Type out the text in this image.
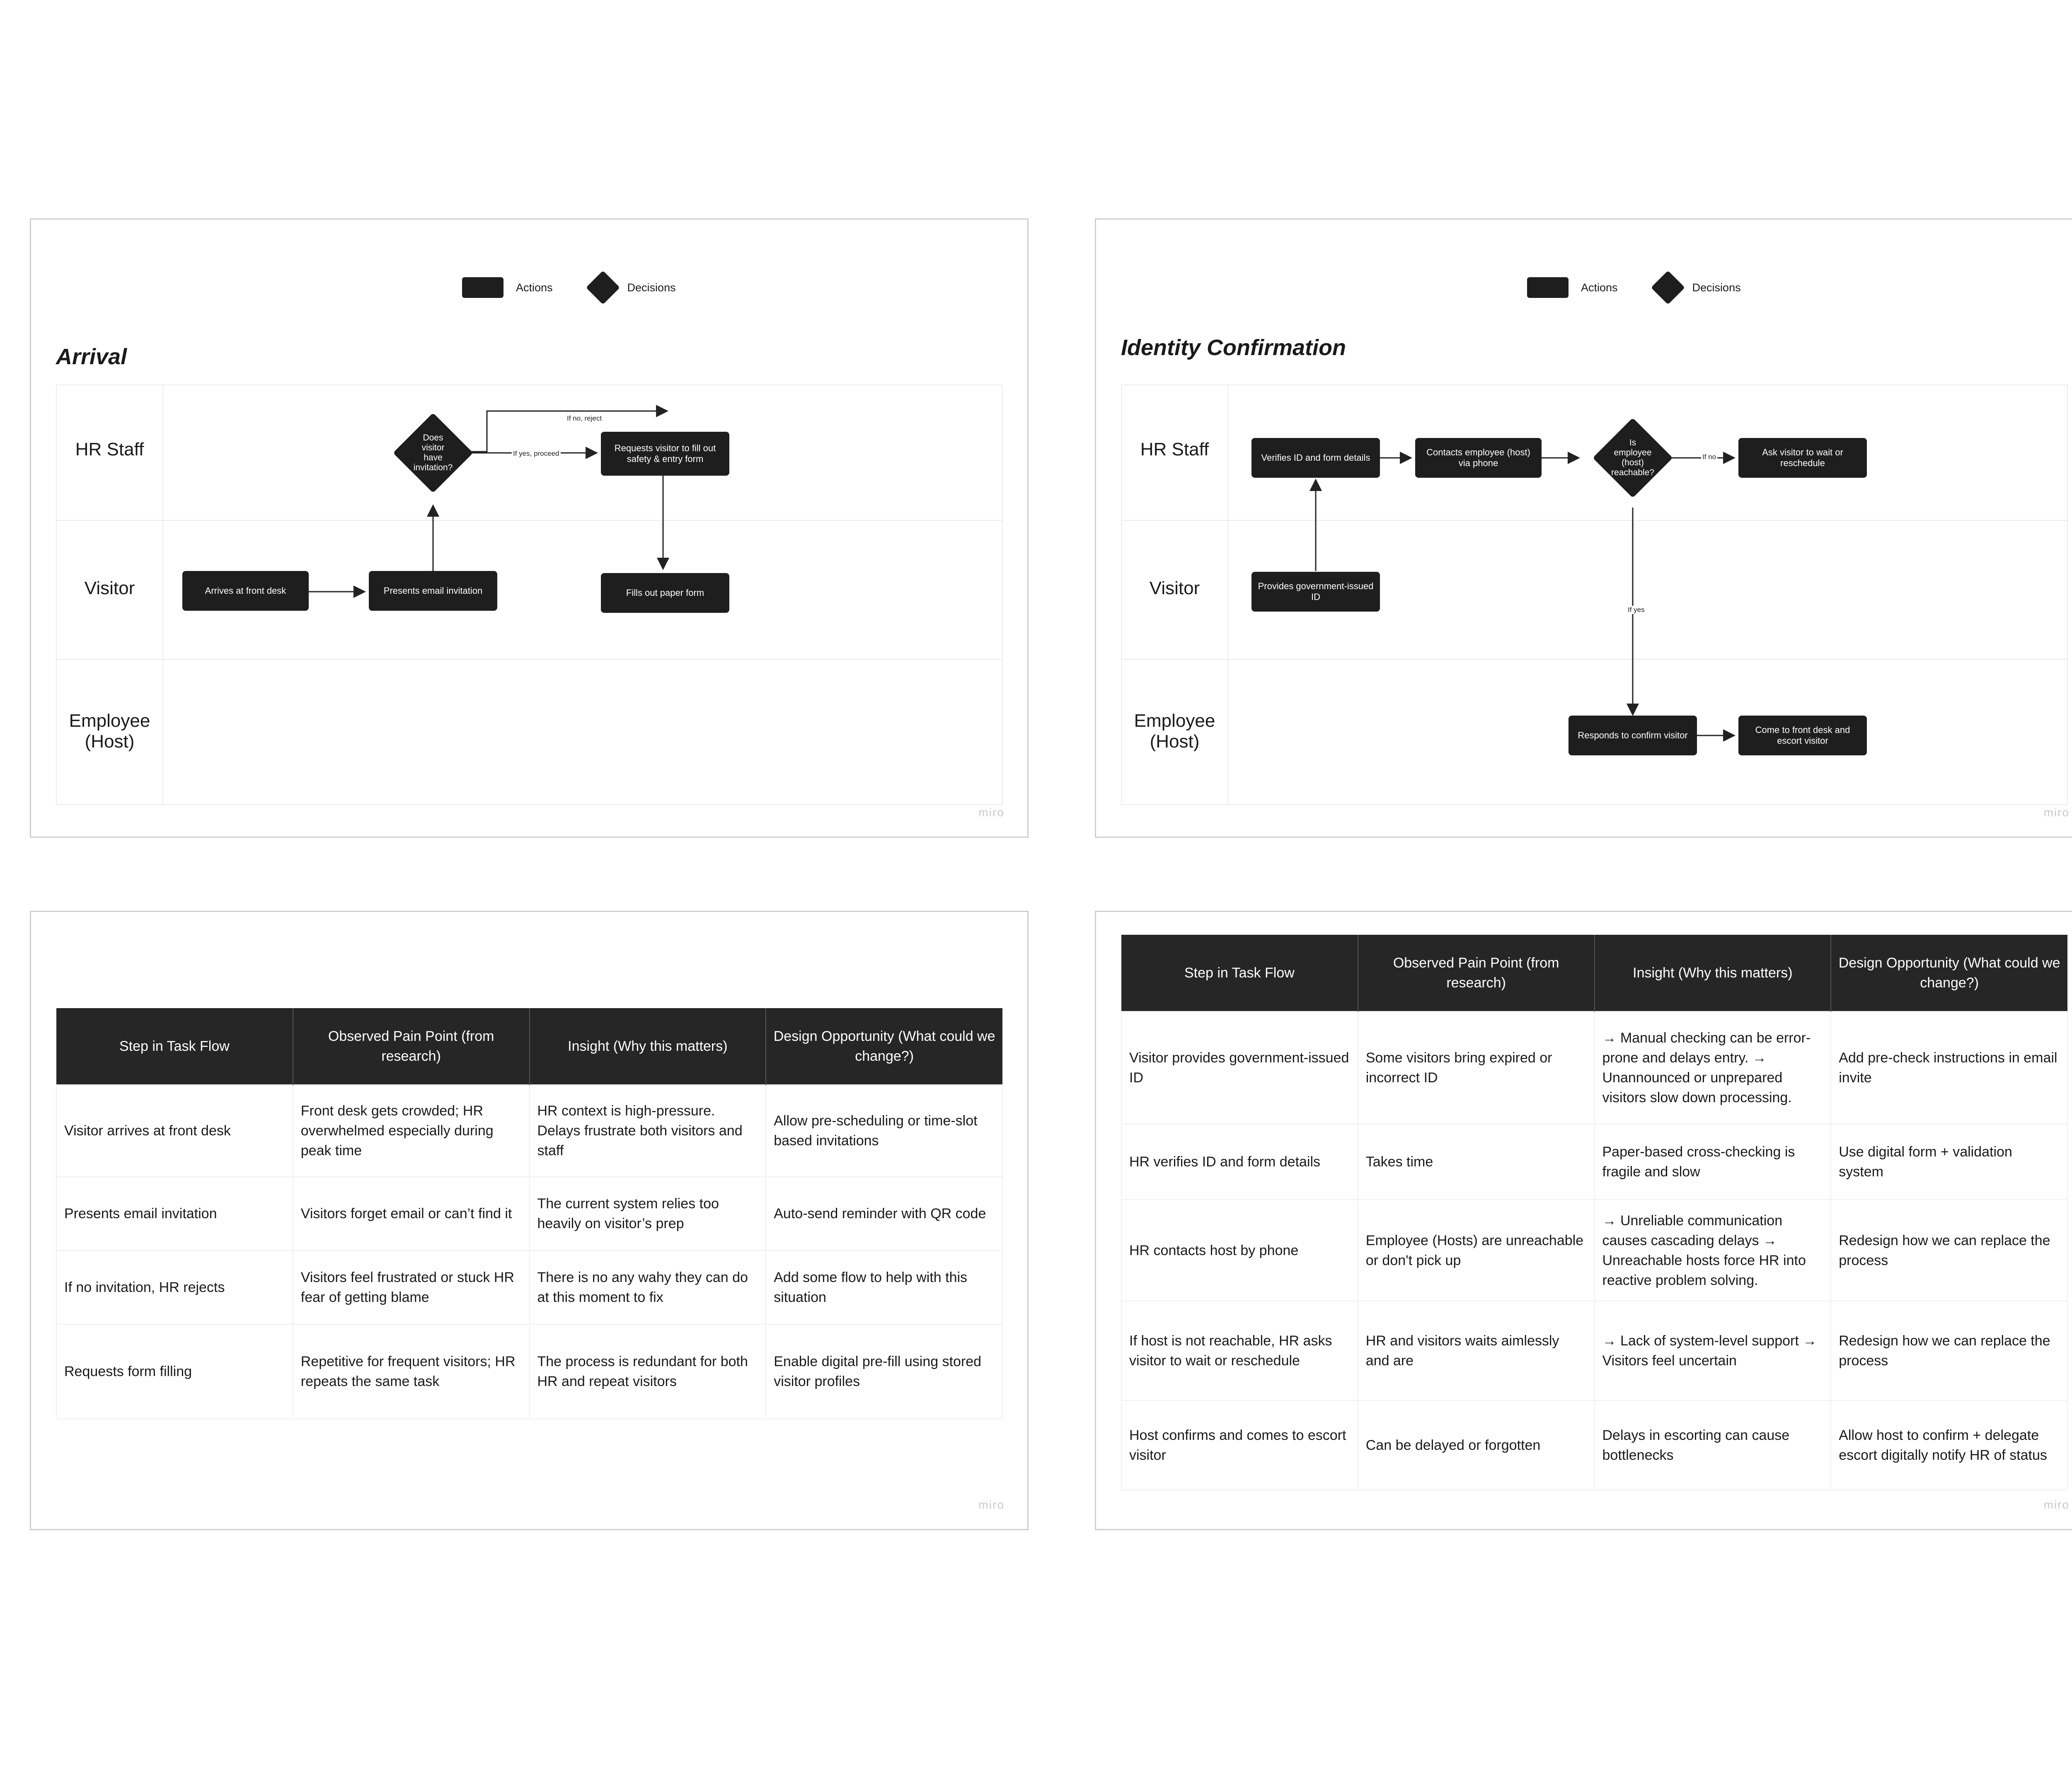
Actions	Decisions
Arrival
HR Staff
Visitor
Employee (Host)
Arrives at front desk	Presents email invitation
Does visitor have invitation?
If no, reject
If yes, proceed
Requests visitor to fill out safety & entry form
Fills out paper form
miro
Actions	Decisions
Identity Confirmation
HR Staff
Visitor
Employee (Host)
Provides government-issued ID
Verifies ID and form details
Contacts employee (host) via phone
Is employee (host) reachable?
If no
If yes
Ask visitor to wait or reschedule
Responds to confirm visitor
Come to front desk and escort visitor
miro
Step in Task Flow	Observed Pain Point (from research)	Insight (Why this matters)	Design Opportunity (What could we change?)
Visitor arrives at front desk	Front desk gets crowded; HR overwhelmed especially during peak time	HR context is high-pressure. Delays frustrate both visitors and staff	Allow pre-scheduling or time-slot based invitations
Presents email invitation	Visitors forget email or can’t find it	The current system relies too heavily on visitor’s prep	Auto-send reminder with QR code
If no invitation, HR rejects	Visitors feel frustrated or stuck HR fear of getting blame	There is no any wahy they can do at this moment to fix	Add some flow to help with this situation
Requests form filling	Repetitive for frequent visitors; HR repeats the same task	The process is redundant for both HR and repeat visitors	Enable digital pre-fill using stored visitor profiles
miro
Step in Task Flow	Observed Pain Point (from research)	Insight (Why this matters)	Design Opportunity (What could we change?)
Visitor provides government-issued ID	Some visitors bring expired or incorrect ID	→ Manual checking can be error-prone and delays entry. → Unannounced or unprepared visitors slow down processing.	Add pre-check instructions in email invite
HR verifies ID and form details	Takes time	Paper-based cross-checking is fragile and slow	Use digital form + validation system
HR contacts host by phone	Employee (Hosts) are unreachable or don't pick up	→ Unreliable communication causes cascading delays → Unreachable hosts force HR into reactive problem solving.	Redesign how we can replace the process
If host is not reachable, HR asks visitor to wait or reschedule	HR and visitors waits aimlessly and are	→ Lack of system-level support → Visitors feel uncertain	Redesign how we can replace the process
Host confirms and comes to escort visitor	Can be delayed or forgotten	Delays in escorting can cause bottlenecks	Allow host to confirm + delegate escort digitally notify HR of status
miro
